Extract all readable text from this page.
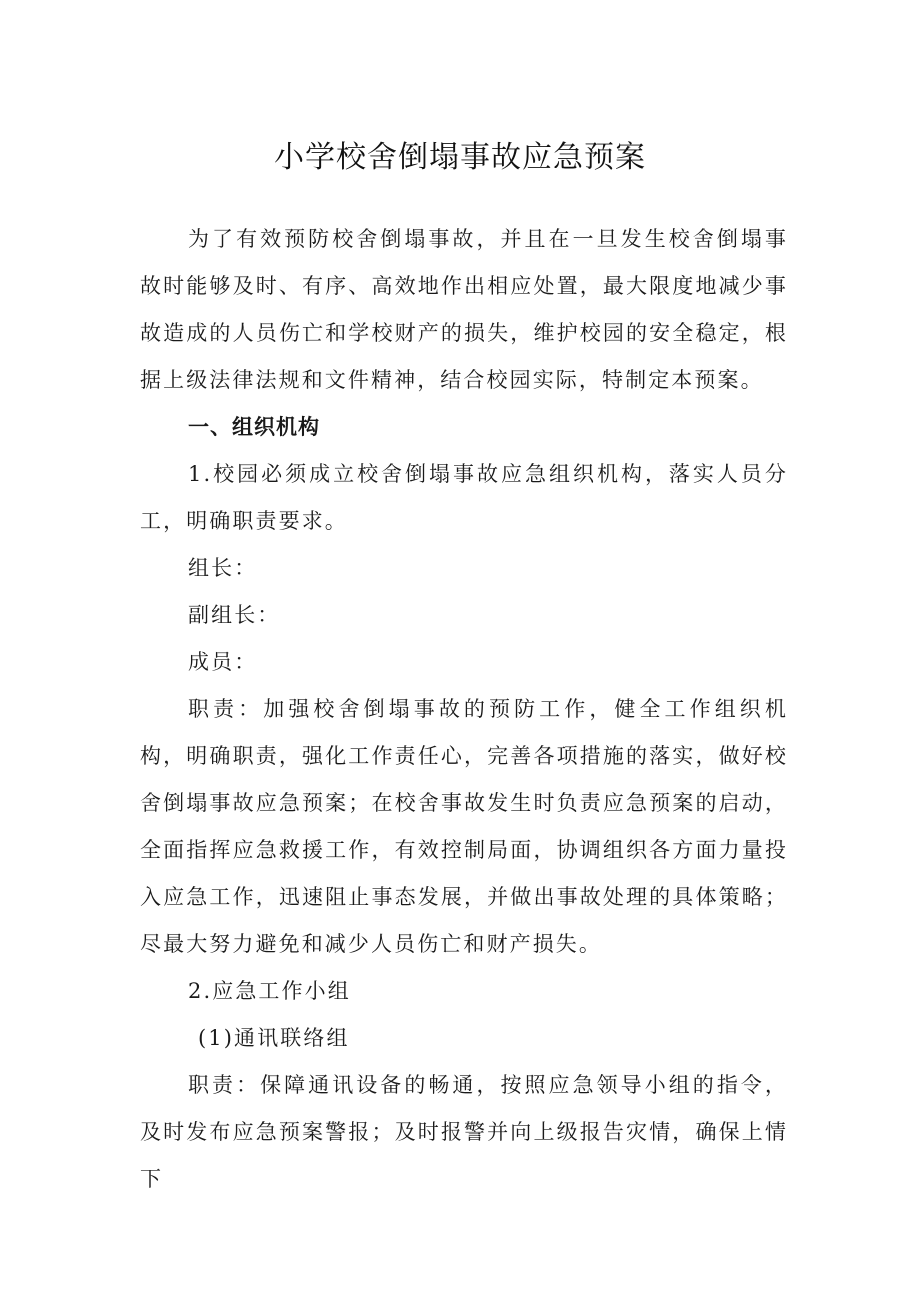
小学校舍倒塌事故应急预案

为了有效预防校舍倒塌事故，并且在一旦发生校舍倒塌事故时能够及时、有序、高效地作出相应处置，最大限度地减少事故造成的人员伤亡和学校财产的损失，维护校园的安全稳定，根据上级法律法规和文件精神，结合校园实际，特制定本预案。

一、组织机构

1.校园必须成立校舍倒塌事故应急组织机构，落实人员分工，明确职责要求。

组长：

副组长：

成员：

职责：加强校舍倒塌事故的预防工作，健全工作组织机构，明确职责，强化工作责任心，完善各项措施的落实，做好校舍倒塌事故应急预案；在校舍事故发生时负责应急预案的启动，全面指挥应急救援工作，有效控制局面，协调组织各方面力量投入应急工作，迅速阻止事态发展，并做出事故处理的具体策略；尽最大努力避免和减少人员伤亡和财产损失。

2.应急工作小组

(1)通讯联络组

职责：保障通讯设备的畅通，按照应急领导小组的指令，及时发布应急预案警报；及时报警并向上级报告灾情，确保上情下
